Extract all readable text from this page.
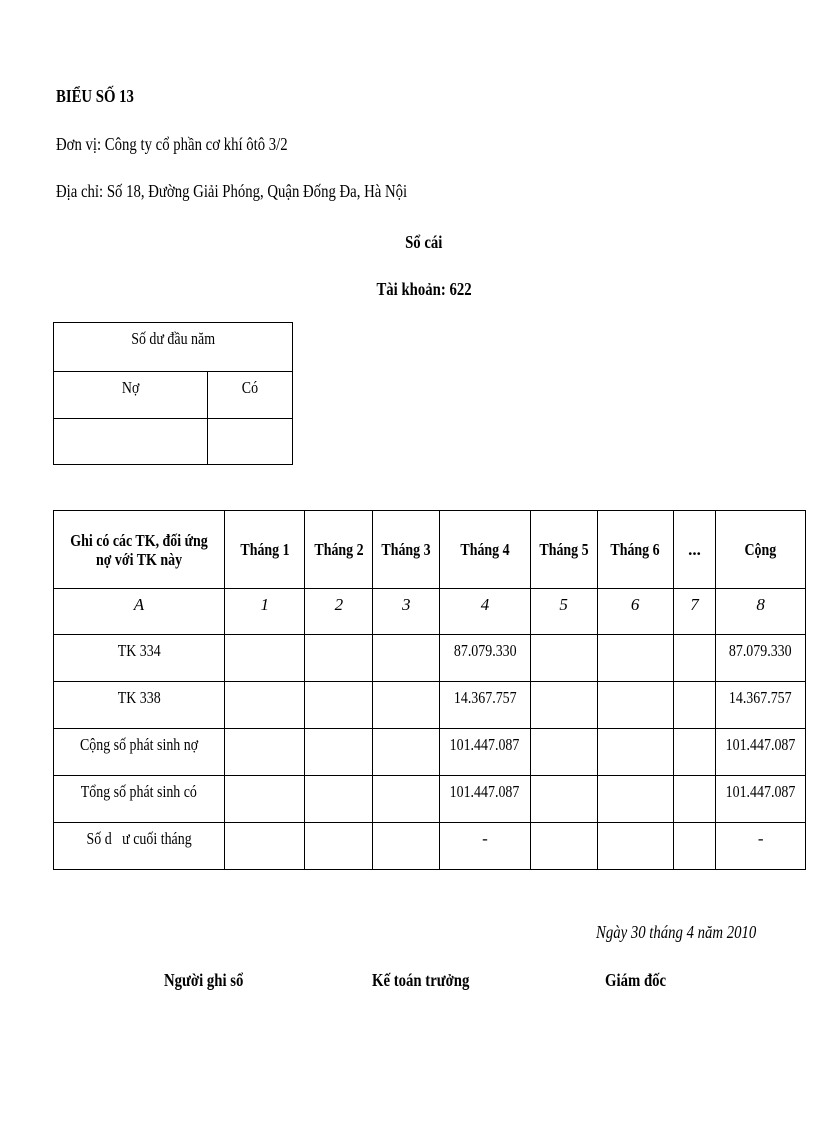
BIỂU SỐ 13
Đơn vị: Công ty cổ phần cơ khí ôtô 3/2
Địa chỉ: Số 18, Đường Giải Phóng, Quận Đống Đa, Hà Nội
Sổ cái
Tài khoản: 622
Số dư đầu năm	
Nợ	Có

Ghi có các TK, đối ứng nợ với TK này	Tháng 1	Tháng 2	Tháng 3	Tháng 4	Tháng 5	Tháng 6	...	Cộng
A	1	2	3	4	5	6	7	8
TK 334				87.079.330				87.079.330
TK 338				14.367.757				14.367.757
Cộng số phát sinh nợ				101.447.087				101.447.087
Tổng số phát sinh có				101.447.087				101.447.087
Số d   ư cuối tháng				-				-
Ngày 30 tháng 4 năm 2010
Người ghi sổ	Kế toán trưởng	Giám đốc
